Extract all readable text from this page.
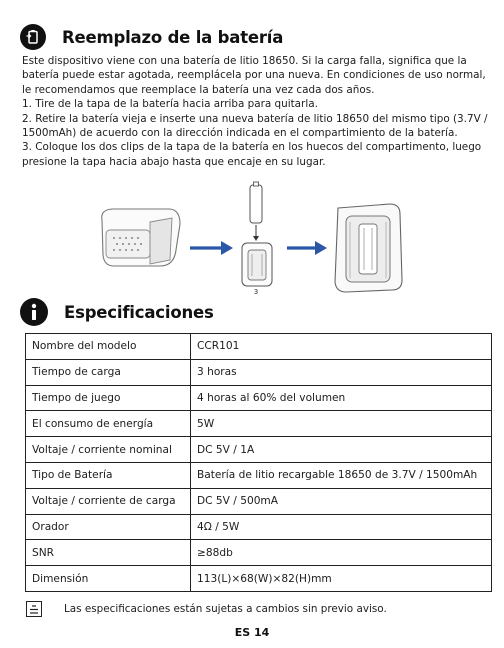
Reemplazo de la batería

Este dispositivo viene con una batería de litio 18650. Si la carga falla, significa que la batería puede estar agotada, reemplácela por una nueva. En condiciones de uso normal, le recomendamos que reemplace la batería una vez cada dos años.

1. Tire de la tapa de la batería hacia arriba para quitarla.

2. Retire la batería vieja e inserte una nueva batería de litio 18650 del mismo tipo (3.7V / 1500mAh) de acuerdo con la dirección indicada en el compartimiento de la batería.

3. Coloque los dos clips de la tapa de la batería en los huecos del compartimento, luego presione la tapa hacia abajo hasta que encaje en su lugar.

3
Especificaciones
Nombre del modelo	CCR101
Tiempo de carga	3 horas
Tiempo de juego	4 horas al 60% del volumen
El consumo de energía	5W
Voltaje / corriente nominal	DC 5V / 1A
Tipo de Batería	Batería de litio recargable 18650 de 3.7V / 1500mAh
Voltaje / corriente de carga	DC 5V / 500mA
Orador	4Ω / 5W
SNR	≥88db
Dimensión	113(L)×68(W)×82(H)mm
Las especificaciones están sujetas a cambios sin previo aviso.
ES 14
